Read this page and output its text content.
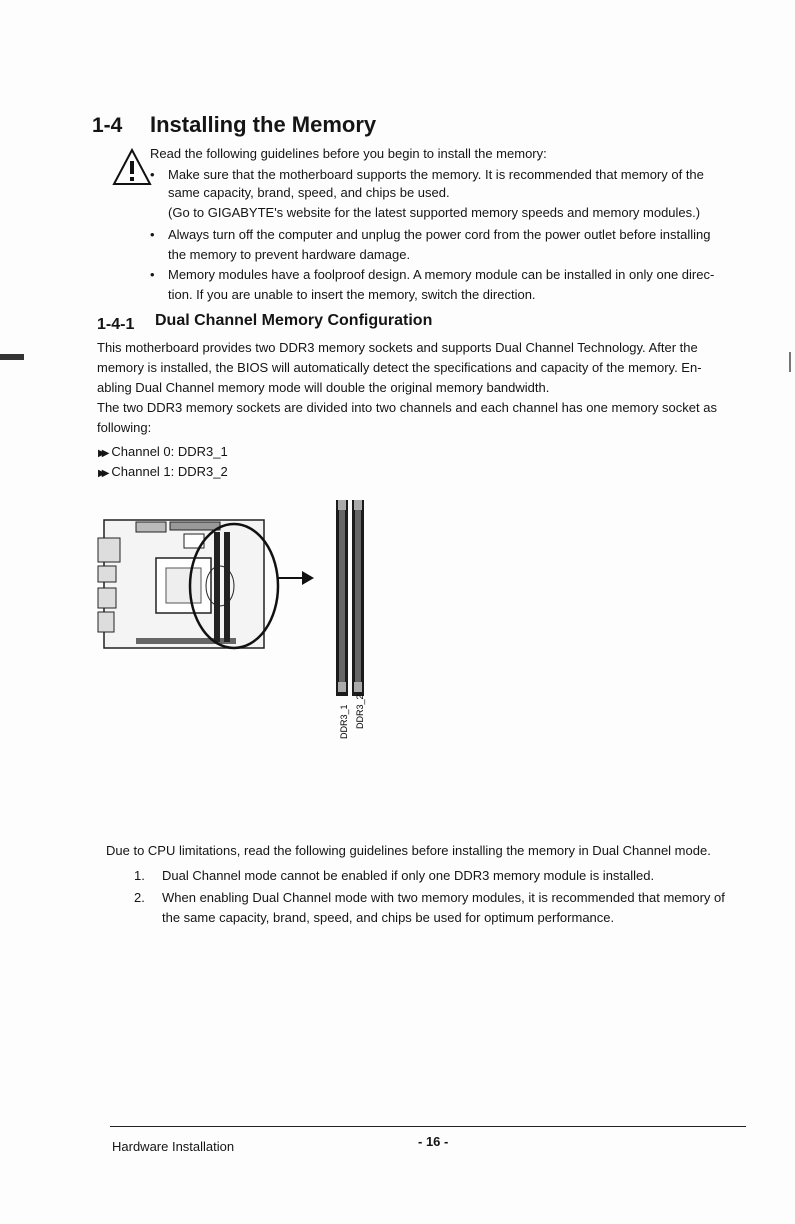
1-4 Installing the Memory
Read the following guidelines before you begin to install the memory:
• Make sure that the motherboard supports the memory. It is recommended that memory of the
same capacity, brand, speed, and chips be used.
(Go to GIGABYTE's website for the latest supported memory speeds and memory modules.)
• Always turn off the computer and unplug the power cord from the power outlet before installing
the memory to prevent hardware damage.
• Memory modules have a foolproof design. A memory module can be installed in only one direc-
tion. If you are unable to insert the memory, switch the direction.
1-4-1 Dual Channel Memory Configuration
This motherboard provides two DDR3 memory sockets and supports Dual Channel Technology. After the
memory is installed, the BIOS will automatically detect the specifications and capacity of the memory. En-
abling Dual Channel memory mode will double the original memory bandwidth.
The two DDR3 memory sockets are divided into two channels and each channel has one memory socket as
following:
▶▶ Channel 0: DDR3_1
▶▶ Channel 1: DDR3_2
DDR3_1 DDR3_2
Due to CPU limitations, read the following guidelines before installing the memory in Dual Channel mode.
1. Dual Channel mode cannot be enabled if only one DDR3 memory module is installed.
2. When enabling Dual Channel mode with two memory modules, it is recommended that memory of
the same capacity, brand, speed, and chips be used for optimum performance.
Hardware Installation	- 16 -
